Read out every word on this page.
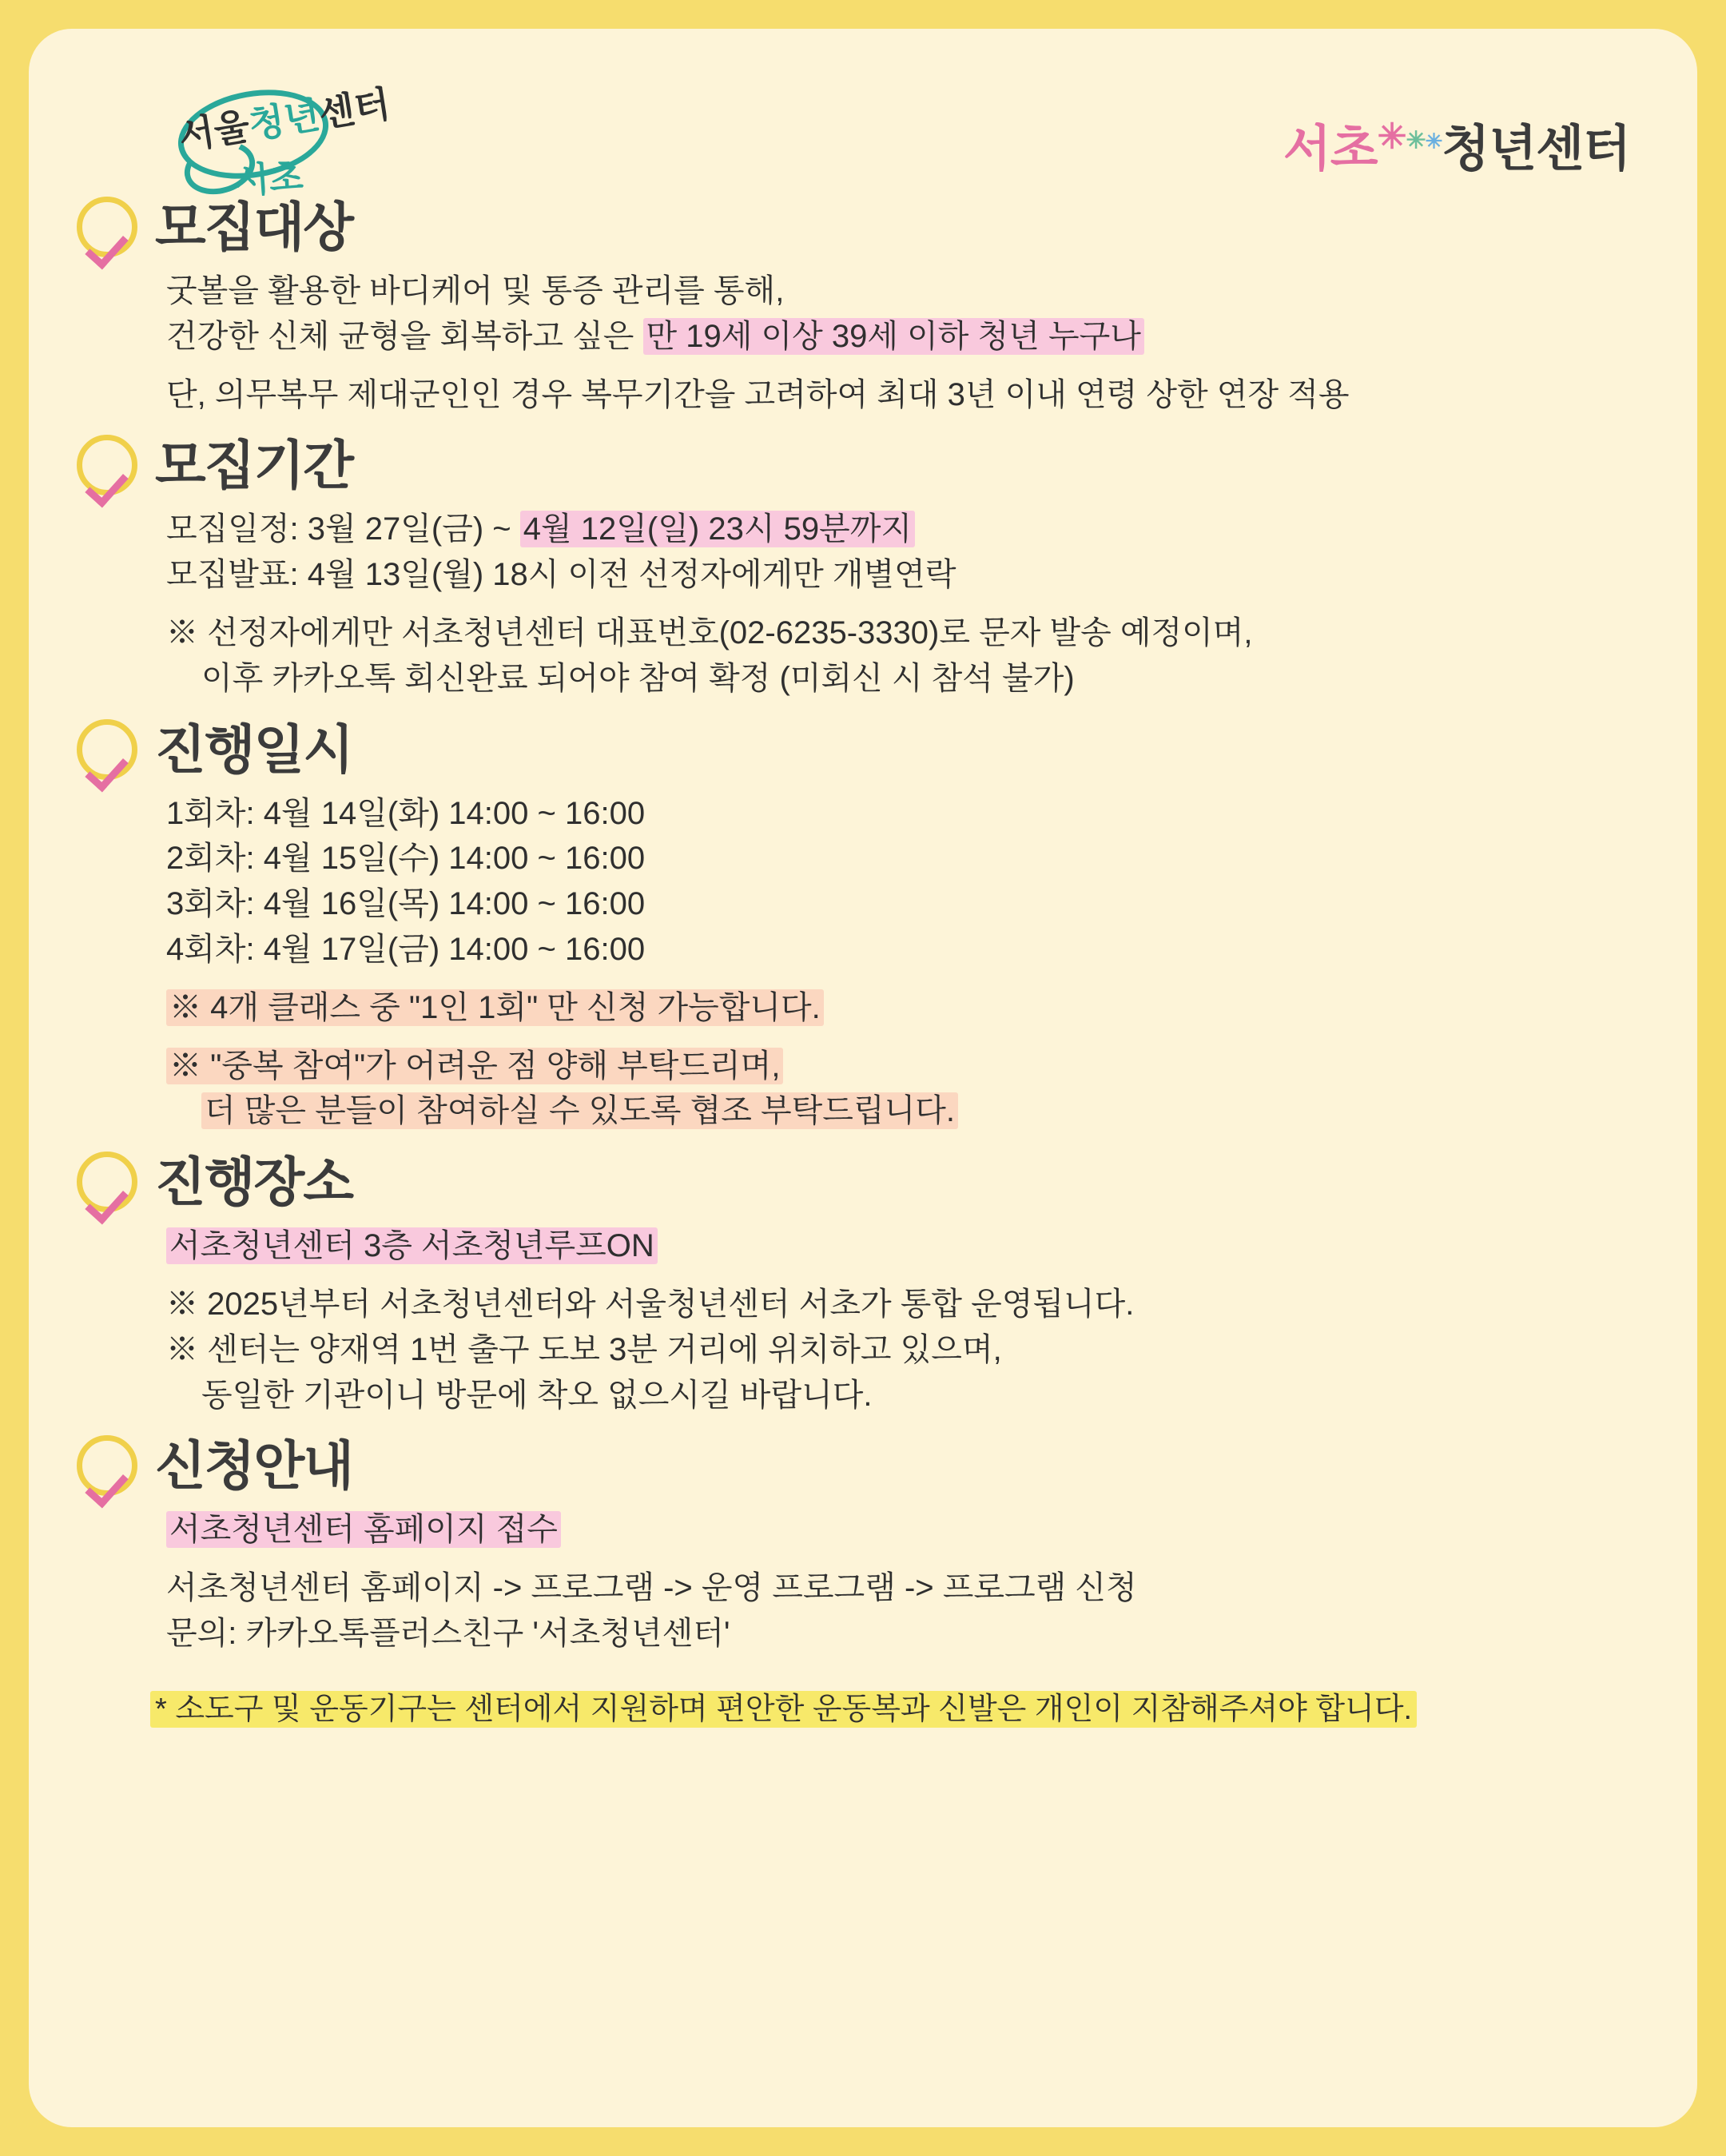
서울청년센터
서초
서초✳✳✳청년센터
모집대상
굿볼을 활용한 바디케어 및 통증 관리를 통해,
건강한 신체 균형을 회복하고 싶은 만 19세 이상 39세 이하 청년 누구나
단, 의무복무 제대군인인 경우 복무기간을 고려하여 최대 3년 이내 연령 상한 연장 적용
모집기간
모집일정: 3월 27일(금) ~ 4월 12일(일) 23시 59분까지
모집발표: 4월 13일(월) 18시 이전 선정자에게만 개별연락
※ 선정자에게만 서초청년센터 대표번호(02-6235-3330)로 문자 발송 예정이며,
이후 카카오톡 회신완료 되어야 참여 확정 (미회신 시 참석 불가)
진행일시
1회차: 4월 14일(화) 14:00 ~ 16:00
2회차: 4월 15일(수) 14:00 ~ 16:00
3회차: 4월 16일(목) 14:00 ~ 16:00
4회차: 4월 17일(금) 14:00 ~ 16:00
※ 4개 클래스 중 "1인 1회" 만 신청 가능합니다.
※ "중복 참여"가 어려운 점 양해 부탁드리며,
더 많은 분들이 참여하실 수 있도록 협조 부탁드립니다.
진행장소
서초청년센터 3층 서초청년루프ON
※ 2025년부터 서초청년센터와 서울청년센터 서초가 통합 운영됩니다.
※ 센터는 양재역 1번 출구 도보 3분 거리에 위치하고 있으며,
동일한 기관이니 방문에 착오 없으시길 바랍니다.
신청안내
서초청년센터 홈페이지 접수
서초청년센터 홈페이지 -> 프로그램 -> 운영 프로그램 -> 프로그램 신청
문의: 카카오톡플러스친구 '서초청년센터'
* 소도구 및 운동기구는 센터에서 지원하며 편안한 운동복과 신발은 개인이 지참해주셔야 합니다.
